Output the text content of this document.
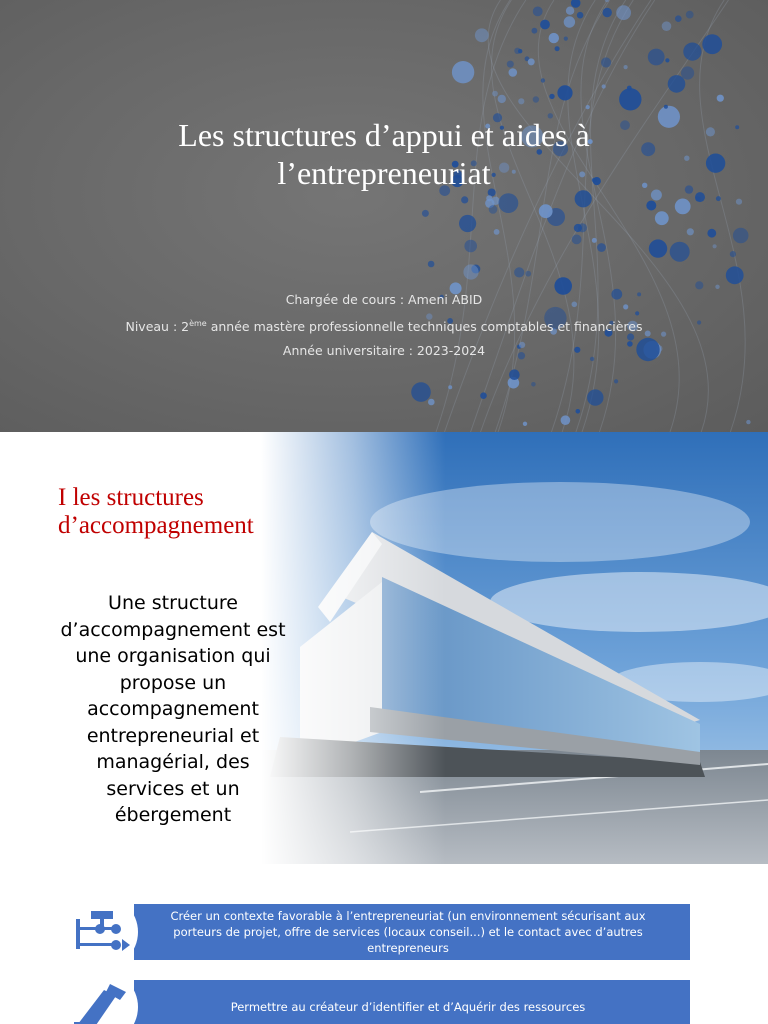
Les structures d’appui et aides à l’entrepreneuriat

Chargée de cours : Ameni ABID

Niveau : 2ème année mastère professionnelle techniques comptables et financières

Année universitaire : 2023-2024

I les structures
d’accompagnement

Une structure d’accompagnement est une organisation qui propose un accompagnement entrepreneurial et managérial, des services et un ébergement

Créer un contexte favorable à l’entrepreneuriat (un environnement sécurisant aux porteurs de projet, offre de services (locaux conseil...) et le contact avec d’autres entrepreneurs
Permettre au créateur d’identifier et d’Aquérir des ressources
